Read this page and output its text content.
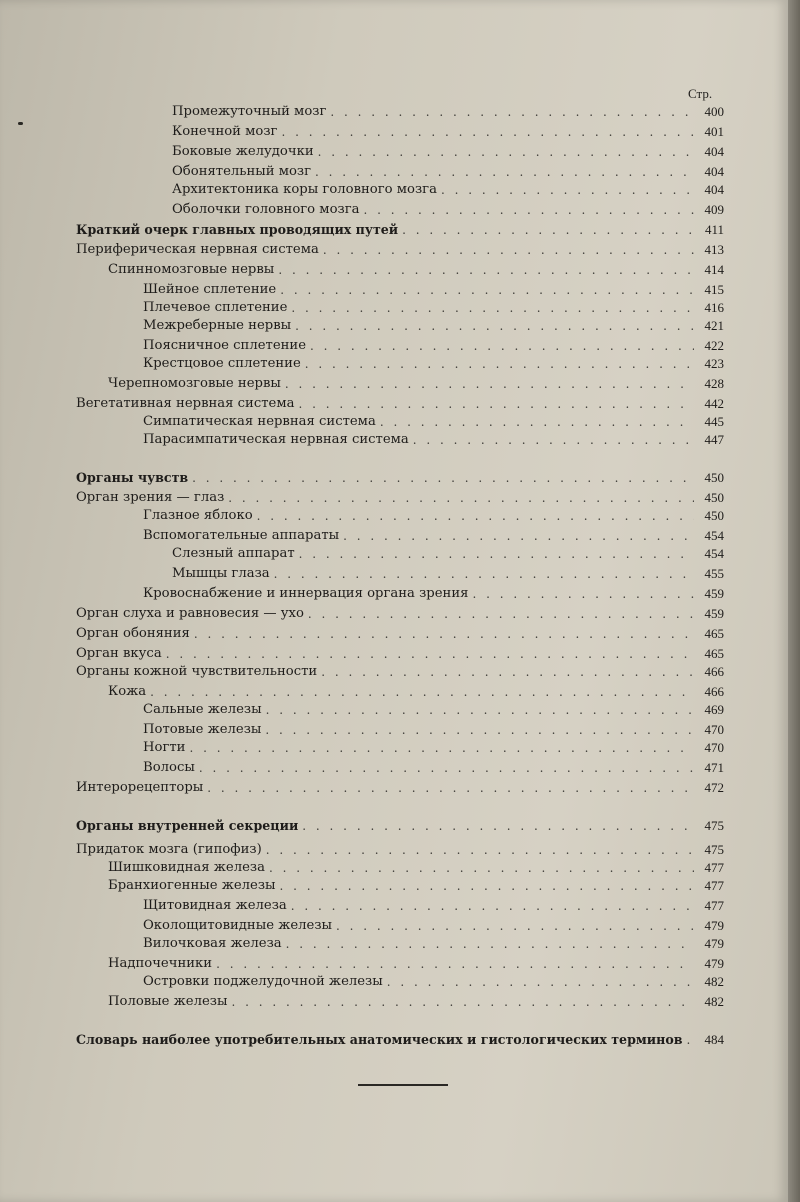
Стр.
Промежуточный мозг . . .	400
Конечной мозг . . .	401
Боковые желудочки . . .	404
Обонятельный мозг . . .	404
Архитектоника коры головного мозга . . .	404
Оболочки головного мозга . . .	409
Краткий очерк главных проводящих путей . . .	411
Периферическая нервная система . . .	413
Спинномозговые нервы . . .	414
Шейное сплетение . . .	415
Плечевое сплетение . . .	416
Межреберные нервы . . .	421
Поясничное сплетение . . .	422
Крестцовое сплетение . . .	423
Черепномозговые нервы . . .	428
Вегетативная нервная система . . .	442
Симпатическая нервная система . . .	445
Парасимпатическая нервная система . . .	447
Органы чувств . . .	450
Орган зрения — глаз . . .	450
Глазное яблоко . . .	450
Вспомогательные аппараты . . .	454
Слезный аппарат . . .	454
Мышцы глаза . . .	455
Кровоснабжение и иннервация органа зрения . . .	459
Орган слуха и равновесия — ухо . . .	459
Орган обоняния . . .	465
Орган вкуса . . .	465
Органы кожной чувствительности . . .	466
Кожа . . .	466
Сальные железы . . .	469
Потовые железы . . .	470
Ногти . . .	470
Волосы . . .	471
Интерорецепторы . . .	472
Органы внутренней секреции . . .	475
Придаток мозга (гипофиз) . . .	475
Шишковидная железа . . .	477
Бранхиогенные железы . . .	477
Щитовидная железа . . .	477
Околощитовидные железы . . .	479
Вилочковая железа . . .	479
Надпочечники . . .	479
Островки поджелудочной железы . . .	482
Половые железы . . .	482
Словарь наиболее употребительных анатомических и гистологических терминов . . .	484
